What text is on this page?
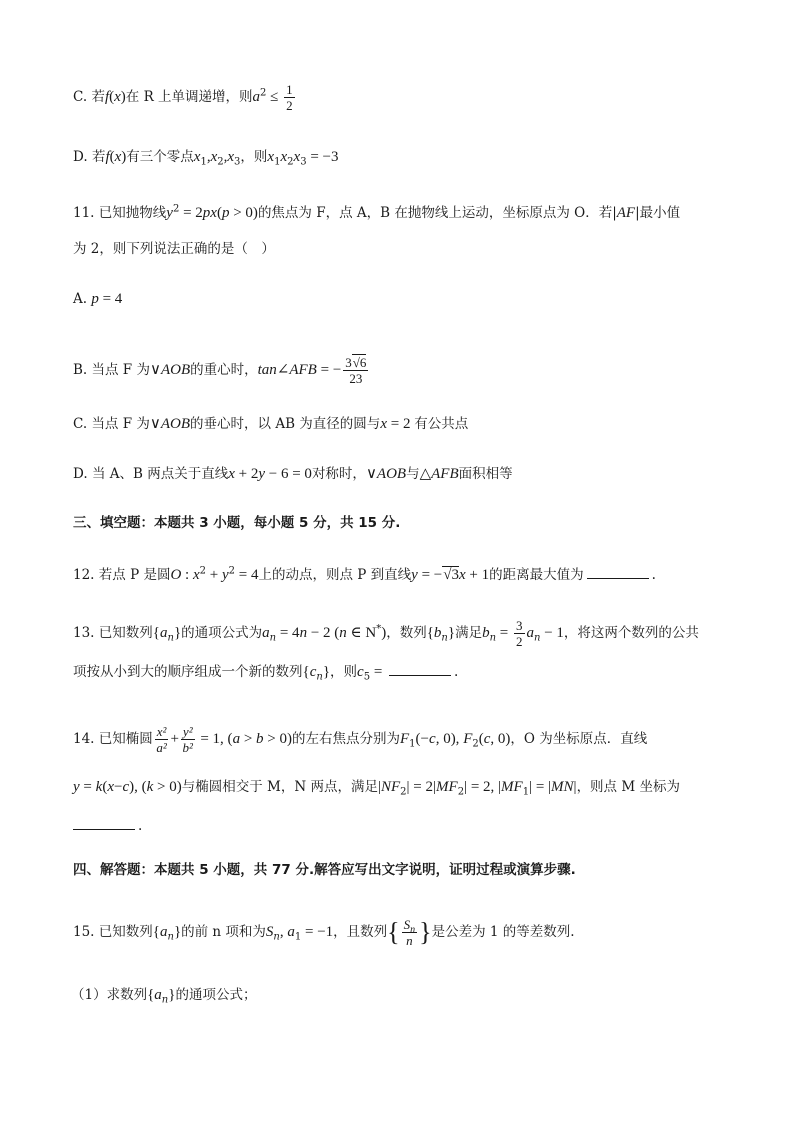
C. 若f(x)在 R 上单调递增，则$a^2 \le \frac{1}{2}$
D. 若f(x)有三个零点$x_1,x_2,x_3$，则$x_1x_2x_3 = -3$
11. 已知抛物线$y^2 = 2px(p > 0)$的焦点为 F，点 A，B 在抛物线上运动，坐标原点为 O．若|AF|最小值
为 2，则下列说法正确的是（　）
A. p = 4
B. 当点 F 为∨AOB的重心时，tan∠AFB = − $\frac{3√6}{23}$
C. 当点 F 为∨AOB的垂心时，以 AB 为直径的圆与x = 2 有公共点
D. 当 A、B 两点关于直线x + 2y − 6 = 0对称时，∨AOB与△AFB面积相等
三、填空题：本题共 3 小题，每小题 5 分，共 15 分.
12. 若点 P 是圆O : $x^2 + y^2 = 4$上的动点，则点 P 到直线y = −√3x + 1的距离最大值为	.
13. 已知数列$\{a_n\}$的通项公式为$a_n = 4n - 2$ (n ∈ N*)，数列$\{b_n\}$满足$b_n = \frac{3}{2} a_n - 1$，将这两个数列的公共
项按从小到大的顺序组成一个新的数列$\{c_n\}$，则$c_5$ =	.
14. 已知椭圆 $\frac{\text{x²}}{\text{a²}} + \frac{\text{y²}}{\text{b²}} = 1$, (a > b > 0)的左右焦点分别为$F_1(-c$, 0), $F_2(c$, 0)，O 为坐标原点．直线
y = k(x−c), (k > 0)与椭圆相交于 M，N 两点，满足$|NF_2| = 2|MF_2| = 2$, $|MF_1| = |MN|$，则点 M 坐标为
.
四、解答题：本题共 5 小题，共 77 分.解答应写出文字说明，证明过程或演算步骤.
15. 已知数列$\{a_n\}$的前 n 项和为$S_n$, $a_1 = -1$，且数列{ $\frac{S_n}{n}$ }是公差为 1 的等差数列.
（1）求数列$\{a_n\}$的通项公式；
